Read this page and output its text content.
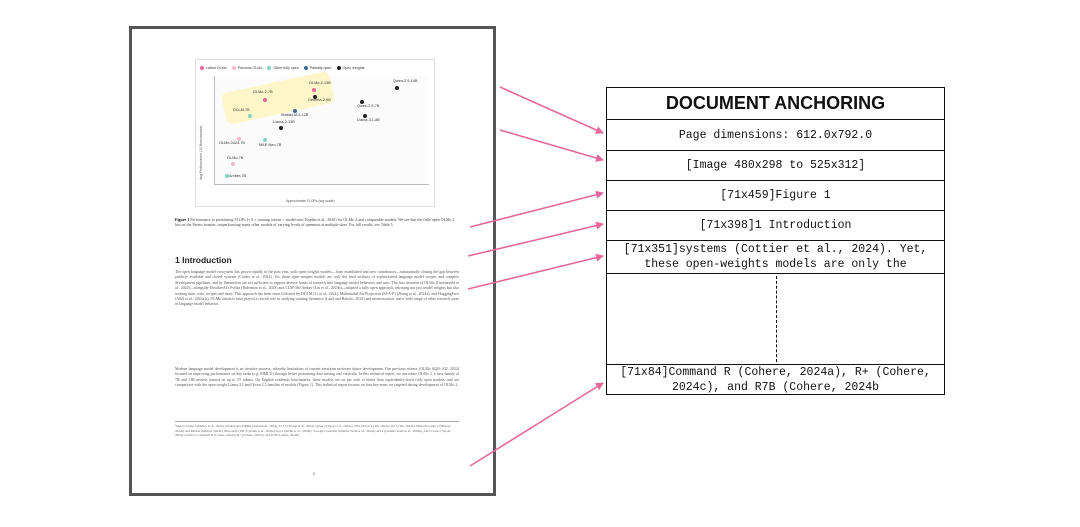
Latest OLMo	Previous OLMo	Other fully open	Partially open	Open weights
Avg Performance (10 Benchmarks)
OLMo-2-13B	Qwen-2.5-14B
OLMo-2-7B
Gemma-2-9B
Qwen-2.5-7B
StableLM-2-12B
Llama-3.1-8B
DCLM-7B
Llama-2-13B
OLMo-0424-7B	MAP-Neo-7B
OLMo-7B
Amber-7B
Approximate FLOPs (log scale)
Figure 1 Performance to pretraining FLOPs (≈ 6 × training tokens × model size; Kaplan et al., 2020) for OLMo 2 and comparable models. We see that the fully open OLMo 2 lies on the Pareto frontier, outperforming many other models of varying levels of openness at multiple sizes. For full results, see Table 5.
1 Introduction
The open language model ecosystem has grown rapidly in the past year, with open weights models—from established and new contributors—substantially closing the gap between publicly available and closed systems (Cottier et al., 2024). Yet, these open-weights models are only the final artifacts of sophisticated language model recipes and complex development pipelines, and by themselves are not sufficient to support diverse forms of research into language model behaviors and uses. The first iteration of OLMo (Groeneveld et al., 2024)—alongside EleutherAI's Pythia (Biderman et al., 2023) and LLM-360 Amber (Liu et al., 2023b)—adopted a fully open approach, releasing not just model weights but also training data, code, recipes and more. This approach has been since followed by DCLM (Li et al., 2024), Multimodal Art Projection (M-A-P) (Zhang et al., 2024a), and HuggingFace (Allal et al., 2024a,b). OLMo artifacts have played a crucial role in studying training dynamics (Land and Bartolo, 2024) and memorization, and a wide range of other research areas in language model behavior.
Modern language model development is an iterative process, whereby limitations of current iterations motivate future development. Our previous release (OLMo 0424; AI2, 2024) focused on improving performance on key tasks (e.g. MMLU) through better pretraining data mixing and curricula. In this technical report, we introduce OLMo 2, a new family of 7B and 13B models trained on up to 5T tokens. On English academic benchmarks, these models are on par with or better than equivalently-sized fully open models, and are competitive with the open weight Llama 3.1 and Qwen 2.5 families of models (Figure 1). This technical report focuses on four key areas we targeted during development of OLMo 2:
¹Meta's Llama 3 (Dubey et al., 2024), Databricks's DBRX (Databricks, 2024), Yi 1.5 (Young et al., 2024), Qwen 2 (Yang et al., 2024a), TII's Falcon 2 (TII, 2024a) and 3 (TII, 2024b), Mistral's Large 2 (Mistral, 2024a) and Mistral (Mistral, 2024b), Microsoft's Phi 3 (Abdin et al., 2024a) and 4 (Abdin et al., 2024b). ²Google's Gemma (Gemma Team et al., 2024a) and 2 (Gemma Team et al., 2024b), AI2's Grok-1 (Xi.AI, 2024), Cohere's Command R (Cohere, 2024a), R+ (Cohere, 2024c), and R7B (Cohere, 2024b).
2
DOCUMENT ANCHORING
Page dimensions: 612.0x792.0
[Image 480x298 to 525x312]
[71x459]Figure 1
[71x398]1 Introduction
[71x351]systems (Cottier et al., 2024). Yet,
these open-weights models are only the
[71x84]Command R (Cohere, 2024a), R+ (Cohere,
2024c), and R7B (Cohere, 2024b
